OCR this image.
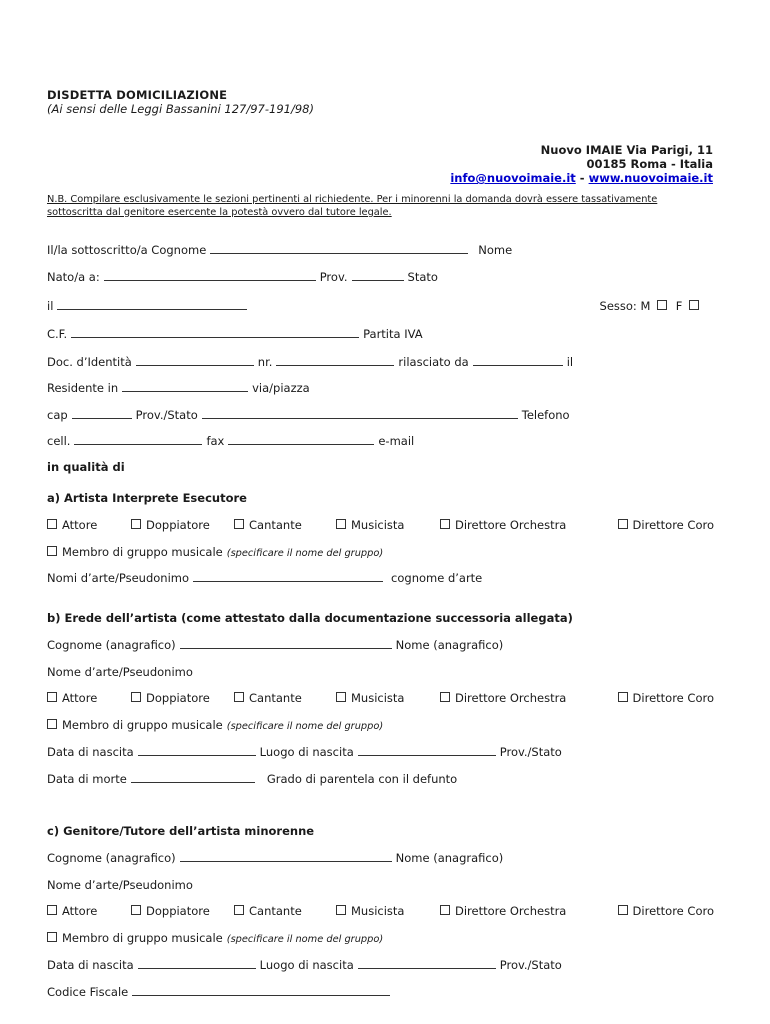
DISDETTA DOMICILIAZIONE
(Ai sensi delle Leggi Bassanini 127/97-191/98)
Nuovo IMAIE Via Parigi, 11
00185 Roma - Italia
info@nuovoimaie.it - www.nuovoimaie.it
N.B. Compilare esclusivamente le sezioni pertinenti al richiedente. Per i minorenni la domanda dovrà essere tassativamente sottoscritta dal genitore esercente la potestà ovvero dal tutore legale.
Il/la sottoscritto/a Cognome	Nome
Nato/a a:	Prov.	Stato
il	Sesso: M F
C.F.	Partita IVA
Doc. d’Identità	nr.	rilasciato da	il
Residente in	via/piazza
cap	Prov./Stato	Telefono
cell.	fax	e-mail
in qualità di
a) Artista Interprete Esecutore
Attore	Doppiatore	Cantante	Musicista	Direttore Orchestra	Direttore Coro
Membro di gruppo musicale (specificare il nome del gruppo)
Nomi d’arte/Pseudonimo	cognome d’arte
b) Erede dell’artista (come attestato dalla documentazione successoria allegata)
Cognome (anagrafico)	Nome (anagrafico)
Nome d’arte/Pseudonimo
Attore	Doppiatore	Cantante	Musicista	Direttore Orchestra	Direttore Coro
Membro di gruppo musicale (specificare il nome del gruppo)
Data di nascita	Luogo di nascita	Prov./Stato
Data di morte	Grado di parentela con il defunto
c) Genitore/Tutore dell’artista minorenne
Cognome (anagrafico)	Nome (anagrafico)
Nome d’arte/Pseudonimo
Attore	Doppiatore	Cantante	Musicista	Direttore Orchestra	Direttore Coro
Membro di gruppo musicale (specificare il nome del gruppo)
Data di nascita	Luogo di nascita	Prov./Stato
Codice Fiscale
